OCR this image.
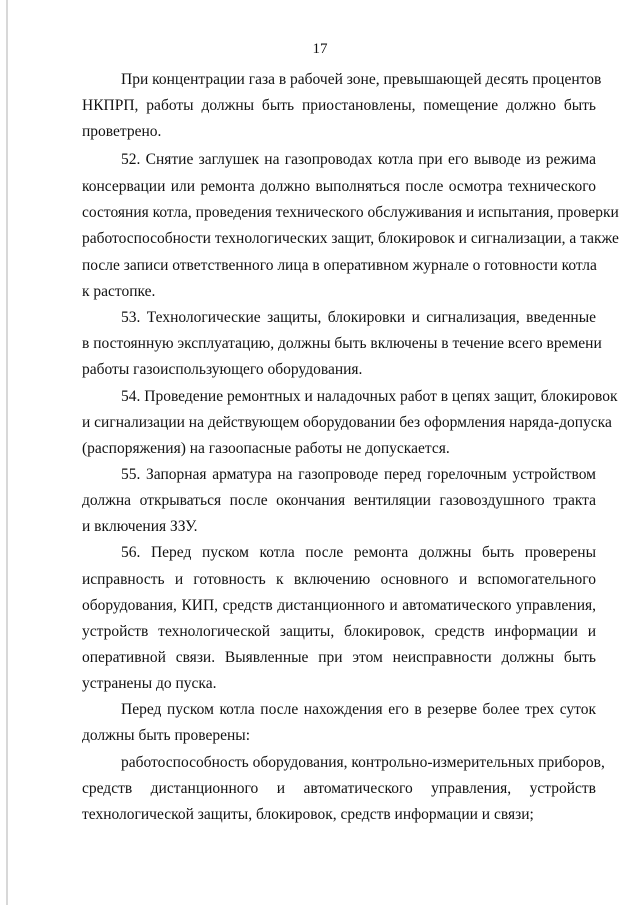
17
При концентрации газа в рабочей зоне, превышающей десять процентов
НКПРП, работы должны быть приостановлены, помещение должно быть
проветрено.
52. Снятие заглушек на газопроводах котла при его выводе из режима
консервации или ремонта должно выполняться после осмотра технического
состояния котла, проведения технического обслуживания и испытания, проверки
работоспособности технологических защит, блокировок и сигнализации, а также
после записи ответственного лица в оперативном журнале о готовности котла
к растопке.
53. Технологические защиты, блокировки и сигнализация, введенные
в постоянную эксплуатацию, должны быть включены в течение всего времени
работы газоиспользующего оборудования.
54. Проведение ремонтных и наладочных работ в цепях защит, блокировок
и сигнализации на действующем оборудовании без оформления наряда-допуска
(распоряжения) на газоопасные работы не допускается.
55. Запорная арматура на газопроводе перед горелочным устройством
должна открываться после окончания вентиляции газовоздушного тракта
и включения ЗЗУ.
56. Перед пуском котла после ремонта должны быть проверены
исправность и готовность к включению основного и вспомогательного
оборудования, КИП, средств дистанционного и автоматического управления,
устройств технологической защиты, блокировок, средств информации и
оперативной связи. Выявленные при этом неисправности должны быть
устранены до пуска.
Перед пуском котла после нахождения его в резерве более трех суток
должны быть проверены:
работоспособность оборудования, контрольно-измерительных приборов,
средств дистанционного и автоматического управления, устройств
технологической защиты, блокировок, средств информации и связи;
